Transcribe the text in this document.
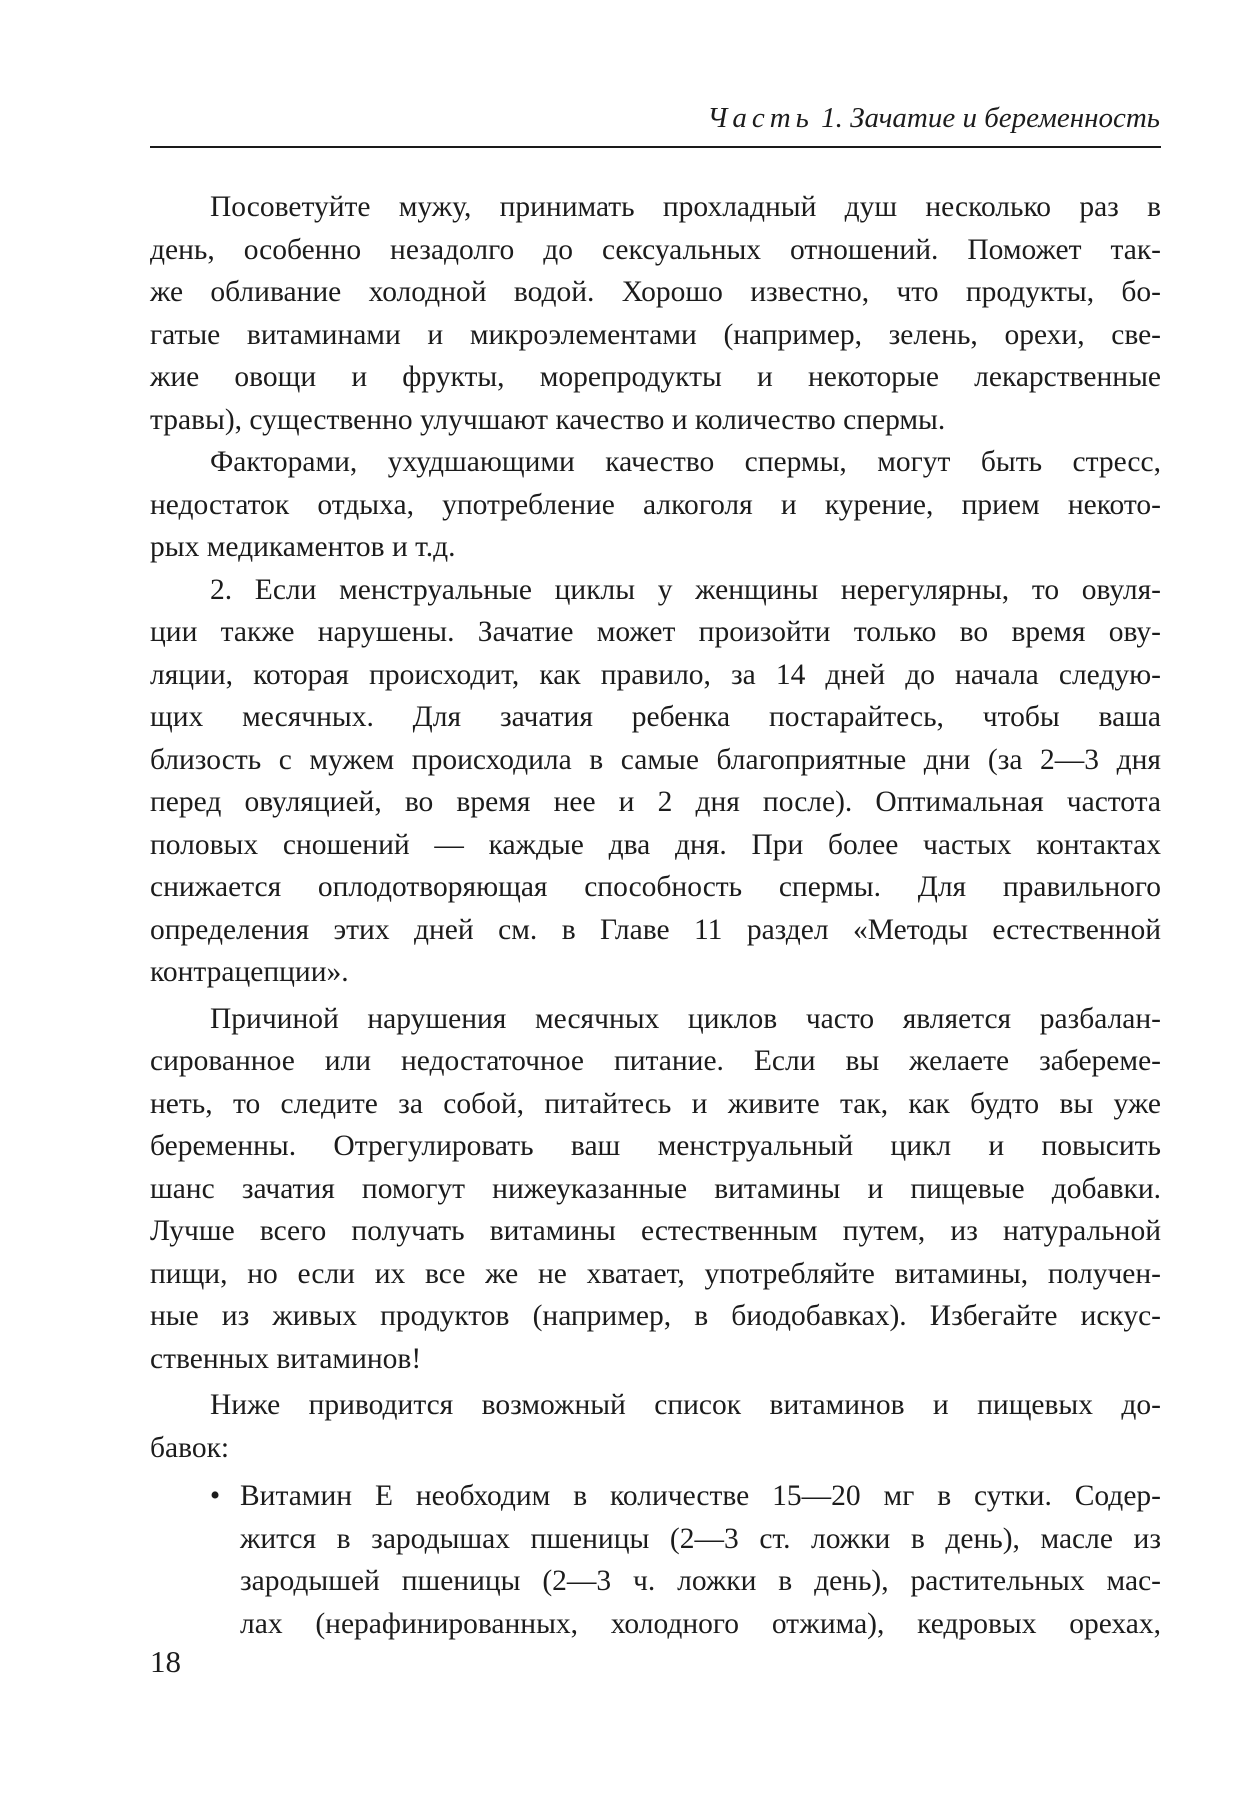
Часть 1. Зачатие и беременность

Посоветуйте мужу, принимать прохладный душ несколько раз в
день, особенно незадолго до сексуальных отношений. Поможет так-
же обливание холодной водой. Хорошо известно, что продукты, бо-
гатые витаминами и микроэлементами (например, зелень, орехи, све-
жие овощи и фрукты, морепродукты и некоторые лекарственные
травы), существенно улучшают качество и количество спермы.

Факторами, ухудшающими качество спермы, могут быть стресс,
недостаток отдыха, употребление алкоголя и курение, прием некото-
рых медикаментов и т.д.

2. Если менструальные циклы у женщины нерегулярны, то овуля-
ции также нарушены. Зачатие может произойти только во время ову-
ляции, которая происходит, как правило, за 14 дней до начала следую-
щих месячных. Для зачатия ребенка постарайтесь, чтобы ваша
близость с мужем происходила в самые благоприятные дни (за 2—3 дня
перед овуляцией, во время нее и 2 дня после). Оптимальная частота
половых сношений — каждые два дня. При более частых контактах
снижается оплодотворяющая способность спермы. Для правильного
определения этих дней см. в Главе 11 раздел «Методы естественной
контрацепции».

Причиной нарушения месячных циклов часто является разбалан-
сированное или недостаточное питание. Если вы желаете забереме-
неть, то следите за собой, питайтесь и живите так, как будто вы уже
беременны. Отрегулировать ваш менструальный цикл и повысить
шанс зачатия помогут нижеуказанные витамины и пищевые добавки.
Лучше всего получать витамины естественным путем, из натуральной
пищи, но если их все же не хватает, употребляйте витамины, получен-
ные из живых продуктов (например, в биодобавках). Избегайте искус-
ственных витаминов!

Ниже приводится возможный список витаминов и пищевых до-
бавок:

• Витамин Е необходим в количестве 15—20 мг в сутки. Содер-
жится в зародышах пшеницы (2—3 ст. ложки в день), масле из
зародышей пшеницы (2—3 ч. ложки в день), растительных мас-
лах (нерафинированных, холодного отжима), кедровых орехах,
18
